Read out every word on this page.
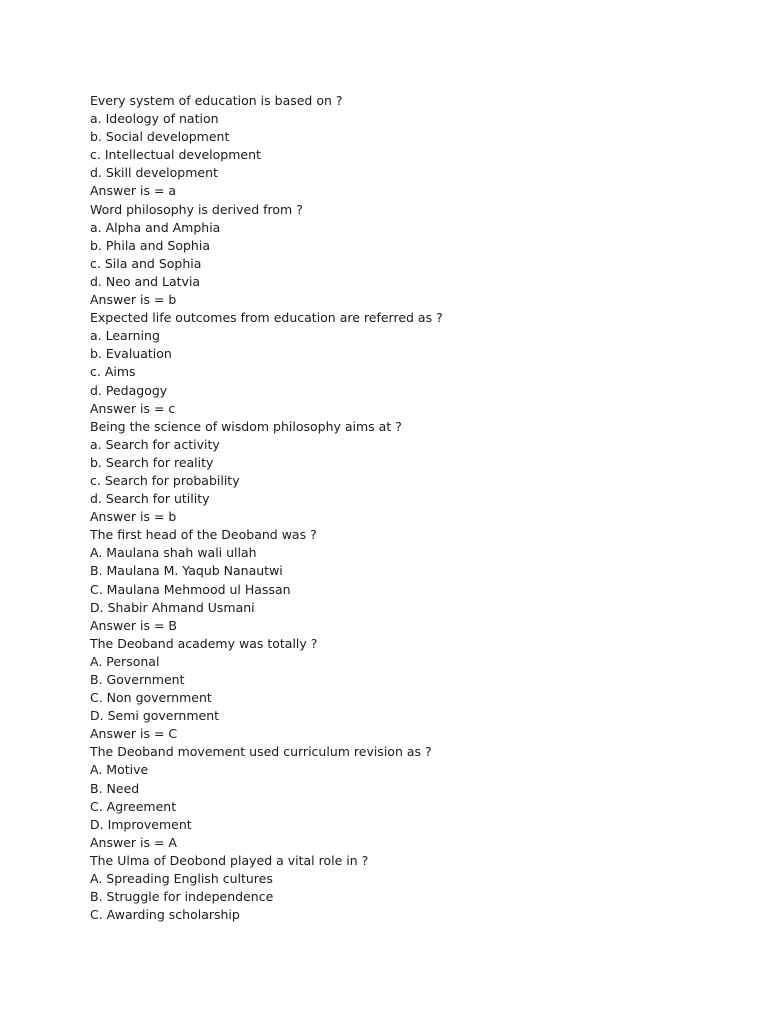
Every system of education is based on ?
a. Ideology of nation
b. Social development
c. Intellectual development
d. Skill development
Answer is = a
Word philosophy is derived from ?
a. Alpha and Amphia
b. Phila and Sophia
c. Sila and Sophia
d. Neo and Latvia
Answer is = b
Expected life outcomes from education are referred as ?
a. Learning
b. Evaluation
c. Aims
d. Pedagogy
Answer is = c
Being the science of wisdom philosophy aims at ?
a. Search for activity
b. Search for reality
c. Search for probability
d. Search for utility
Answer is = b
The first head of the Deoband was ?
A. Maulana shah wali ullah
B. Maulana M. Yaqub Nanautwi
C. Maulana Mehmood ul Hassan
D. Shabir Ahmand Usmani
Answer is = B
The Deoband academy was totally ?
A. Personal
B. Government
C. Non government
D. Semi government
Answer is = C
The Deoband movement used curriculum revision as ?
A. Motive
B. Need
C. Agreement
D. Improvement
Answer is = A
The Ulma of Deobond played a vital role in ?
A. Spreading English cultures
B. Struggle for independence
C. Awarding scholarship
